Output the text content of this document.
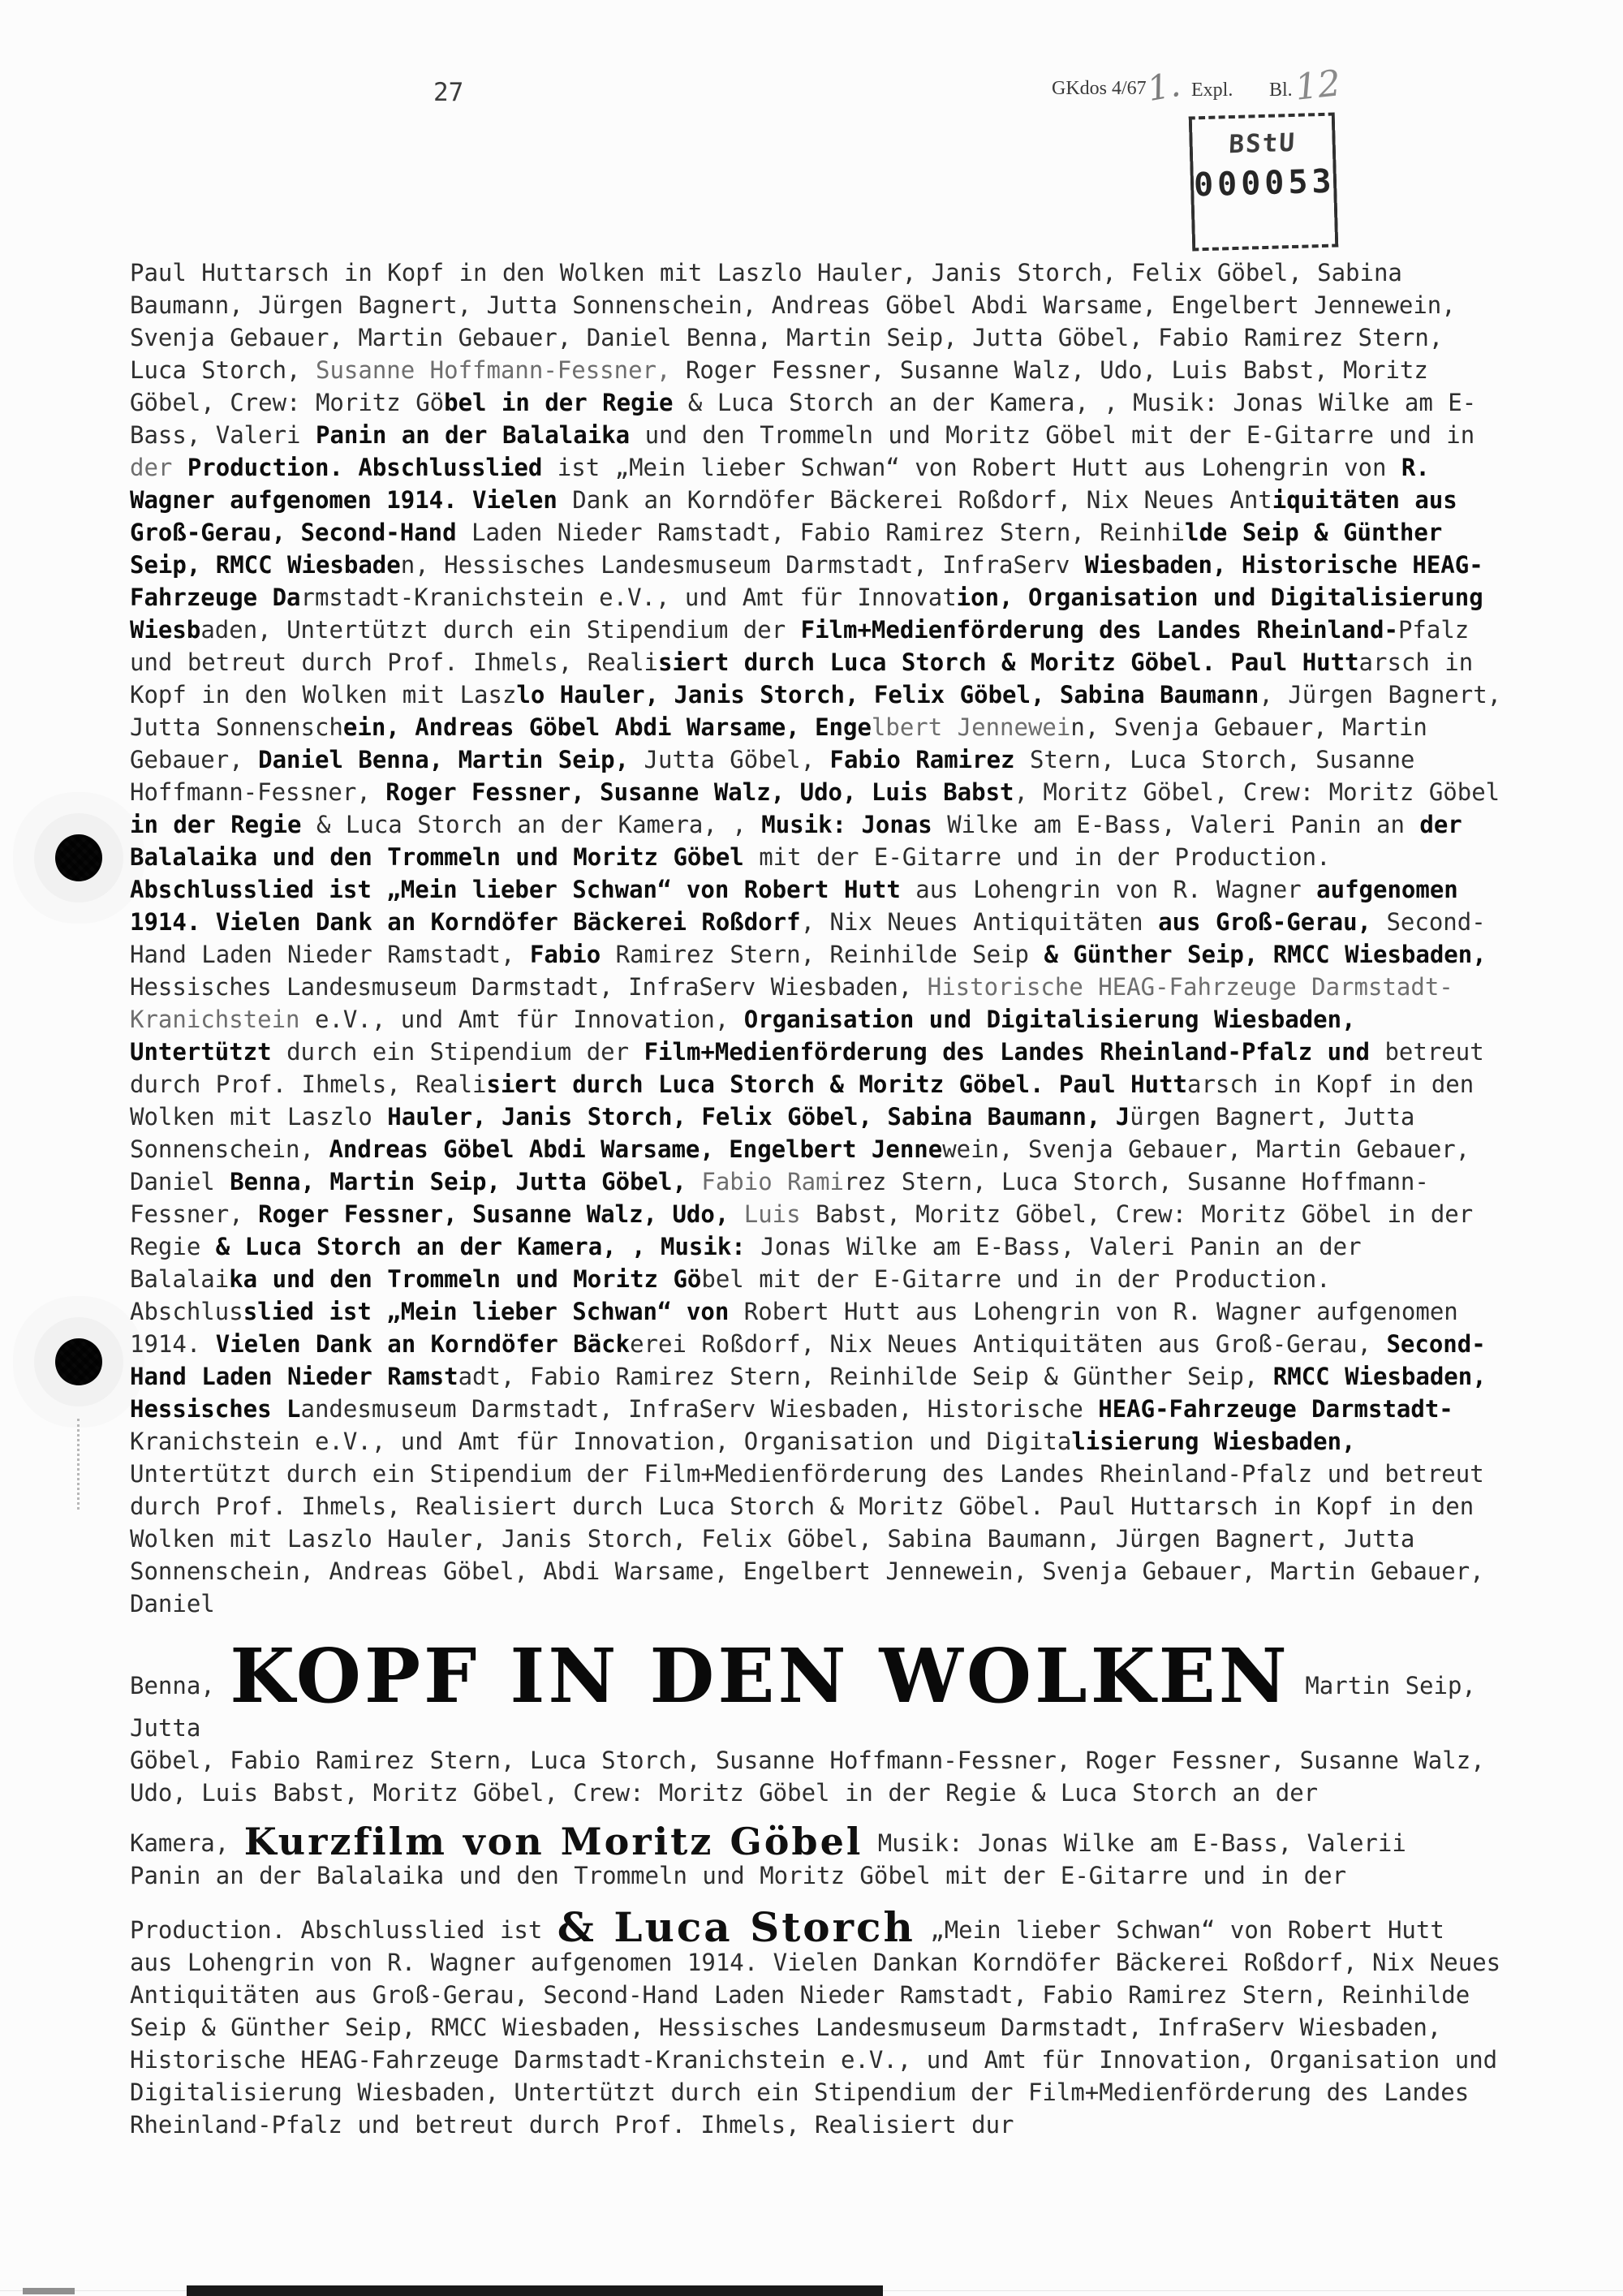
27	GKdos 4/67
1. Expl. Bl. 12
BStU
000053

Paul Huttarsch in Kopf in den Wolken mit Laszlo Hauler, Janis Storch, Felix Göbel, Sabina Baumann, Jürgen Bagnert, Jutta Sonnenschein, Andreas Göbel Abdi Warsame, Engelbert Jennewein, Svenja Gebauer, Martin Gebauer, Daniel Benna, Martin Seip, Jutta Göbel, Fabio Ramirez Stern, Luca Storch, Susanne Hoffmann-Fessner, Roger Fessner, Susanne Walz, Udo, Luis Babst, Moritz Göbel, Crew: Moritz Göbel in der Regie & Luca Storch an der Kamera, , Musik: Jonas Wilke am E-Bass, Valeri Panin an der Balalaika und den Trommeln und Moritz Göbel mit der E-Gitarre und in der Production. Abschlusslied ist „Mein lieber Schwan“ von Robert Hutt aus Lohengrin von R. Wagner aufgenomen 1914. Vielen Dank an Korndöfer Bäckerei Roßdorf, Nix Neues Antiquitäten aus Groß-Gerau, Second-Hand Laden Nieder Ramstadt, Fabio Ramirez Stern, Reinhilde Seip & Günther Seip, RMCC Wiesbaden, Hessisches Landesmuseum Darmstadt, InfraServ Wiesbaden, Historische HEAG-Fahrzeuge Darmstadt-Kranichstein e.V., und Amt für Innovation, Organisation und Digitalisierung Wiesbaden, Untertützt durch ein Stipendium der Film+Medienförderung des Landes Rheinland-Pfalz und betreut durch Prof. Ihmels, Realisiert durch Luca Storch & Moritz Göbel. Paul Huttarsch in Kopf in den Wolken mit Laszlo Hauler, Janis Storch, Felix Göbel, Sabina Baumann, Jürgen Bagnert, Jutta Sonnenschein, Andreas Göbel Abdi Warsame, Engelbert Jennewein, Svenja Gebauer, Martin Gebauer, Daniel Benna, Martin Seip, Jutta Göbel, Fabio Ramirez Stern, Luca Storch, Susanne Hoffmann-Fessner, Roger Fessner, Susanne Walz, Udo, Luis Babst, Moritz Göbel, Crew: Moritz Göbel in der Regie & Luca Storch an der Kamera, , Musik: Jonas Wilke am E-Bass, Valeri Panin an der Balalaika und den Trommeln und Moritz Göbel mit der E-Gitarre und in der Production. Abschlusslied ist „Mein lieber Schwan“ von Robert Hutt aus Lohengrin von R. Wagner aufgenomen 1914. Vielen Dank an Korndöfer Bäckerei Roßdorf, Nix Neues Antiquitäten aus Groß-Gerau, Second-Hand Laden Nieder Ramstadt, Fabio Ramirez Stern, Reinhilde Seip & Günther Seip, RMCC Wiesbaden, Hessisches Landesmuseum Darmstadt, InfraServ Wiesbaden, Historische HEAG-Fahrzeuge Darmstadt-Kranichstein e.V., und Amt für Innovation, Organisation und Digitalisierung Wiesbaden, Untertützt durch ein Stipendium der Film+Medienförderung des Landes Rheinland-Pfalz und betreut durch Prof. Ihmels, Realisiert durch Luca Storch & Moritz Göbel. Paul Huttarsch in Kopf in den Wolken mit Laszlo Hauler, Janis Storch, Felix Göbel, Sabina Baumann, Jürgen Bagnert, Jutta Sonnenschein, Andreas Göbel Abdi Warsame, Engelbert Jennewein, Svenja Gebauer, Martin Gebauer, Daniel Benna, Martin Seip, Jutta Göbel, Fabio Ramirez Stern, Luca Storch, Susanne Hoffmann-Fessner, Roger Fessner, Susanne Walz, Udo, Luis Babst, Moritz Göbel, Crew: Moritz Göbel in der Regie & Luca Storch an der Kamera, , Musik: Jonas Wilke am E-Bass, Valeri Panin an der Balalaika und den Trommeln und Moritz Göbel mit der E-Gitarre und in der Production. Abschlusslied ist „Mein lieber Schwan“ von Robert Hutt aus Lohengrin von R. Wagner aufgenomen 1914. Vielen Dank an Korndöfer Bäckerei Roßdorf, Nix Neues Antiquitäten aus Groß-Gerau, Second-Hand Laden Nieder Ramstadt, Fabio Ramirez Stern, Reinhilde Seip & Günther Seip, RMCC Wiesbaden, Hessisches Landesmuseum Darmstadt, InfraServ Wiesbaden, Historische HEAG-Fahrzeuge Darmstadt-Kranichstein e.V., und Amt für Innovation, Organisation und Digitalisierung Wiesbaden, Untertützt durch ein Stipendium der Film+Medienförderung des Landes Rheinland-Pfalz und betreut durch Prof. Ihmels, Realisiert durch Luca Storch & Moritz Göbel. Paul Huttarsch in Kopf in den Wolken mit Laszlo Hauler, Janis Storch, Felix Göbel, Sabina Baumann, Jürgen Bagnert, Jutta Sonnenschein, Andreas Göbel, Abdi Warsame, Engelbert Jennewein, Svenja Gebauer, Martin Gebauer, Daniel

Benna, KOPF IN DEN WOLKEN Martin Seip, Jutta
Göbel, Fabio Ramirez Stern, Luca Storch, Susanne Hoffmann-Fessner, Roger Fessner, Susanne Walz, Udo, Luis Babst, Moritz Göbel, Crew: Moritz Göbel in der Regie & Luca Storch an der

Kamera, Kurzfilm von Moritz Göbel Musik: Jonas Wilke am E-Bass, Valerii
Panin an der Balalaika und den Trommeln und Moritz Göbel mit der E-Gitarre und in der

Production. Abschlusslied ist & Luca Storch „Mein lieber Schwan“ von Robert Hutt
aus Lohengrin von R. Wagner aufgenomen 1914. Vielen Dankan Korndöfer Bäckerei Roßdorf, Nix Neues Antiquitäten aus Groß-Gerau, Second-Hand Laden Nieder Ramstadt, Fabio Ramirez Stern, Reinhilde Seip & Günther Seip, RMCC Wiesbaden, Hessisches Landesmuseum Darmstadt, InfraServ Wiesbaden, Historische HEAG-Fahrzeuge Darmstadt-Kranichstein e.V., und Amt für Innovation, Organisation und Digitalisierung Wiesbaden, Untertützt durch ein Stipendium der Film+Medienförderung des Landes Rheinland-Pfalz und betreut durch Prof. Ihmels, Realisiert dur
